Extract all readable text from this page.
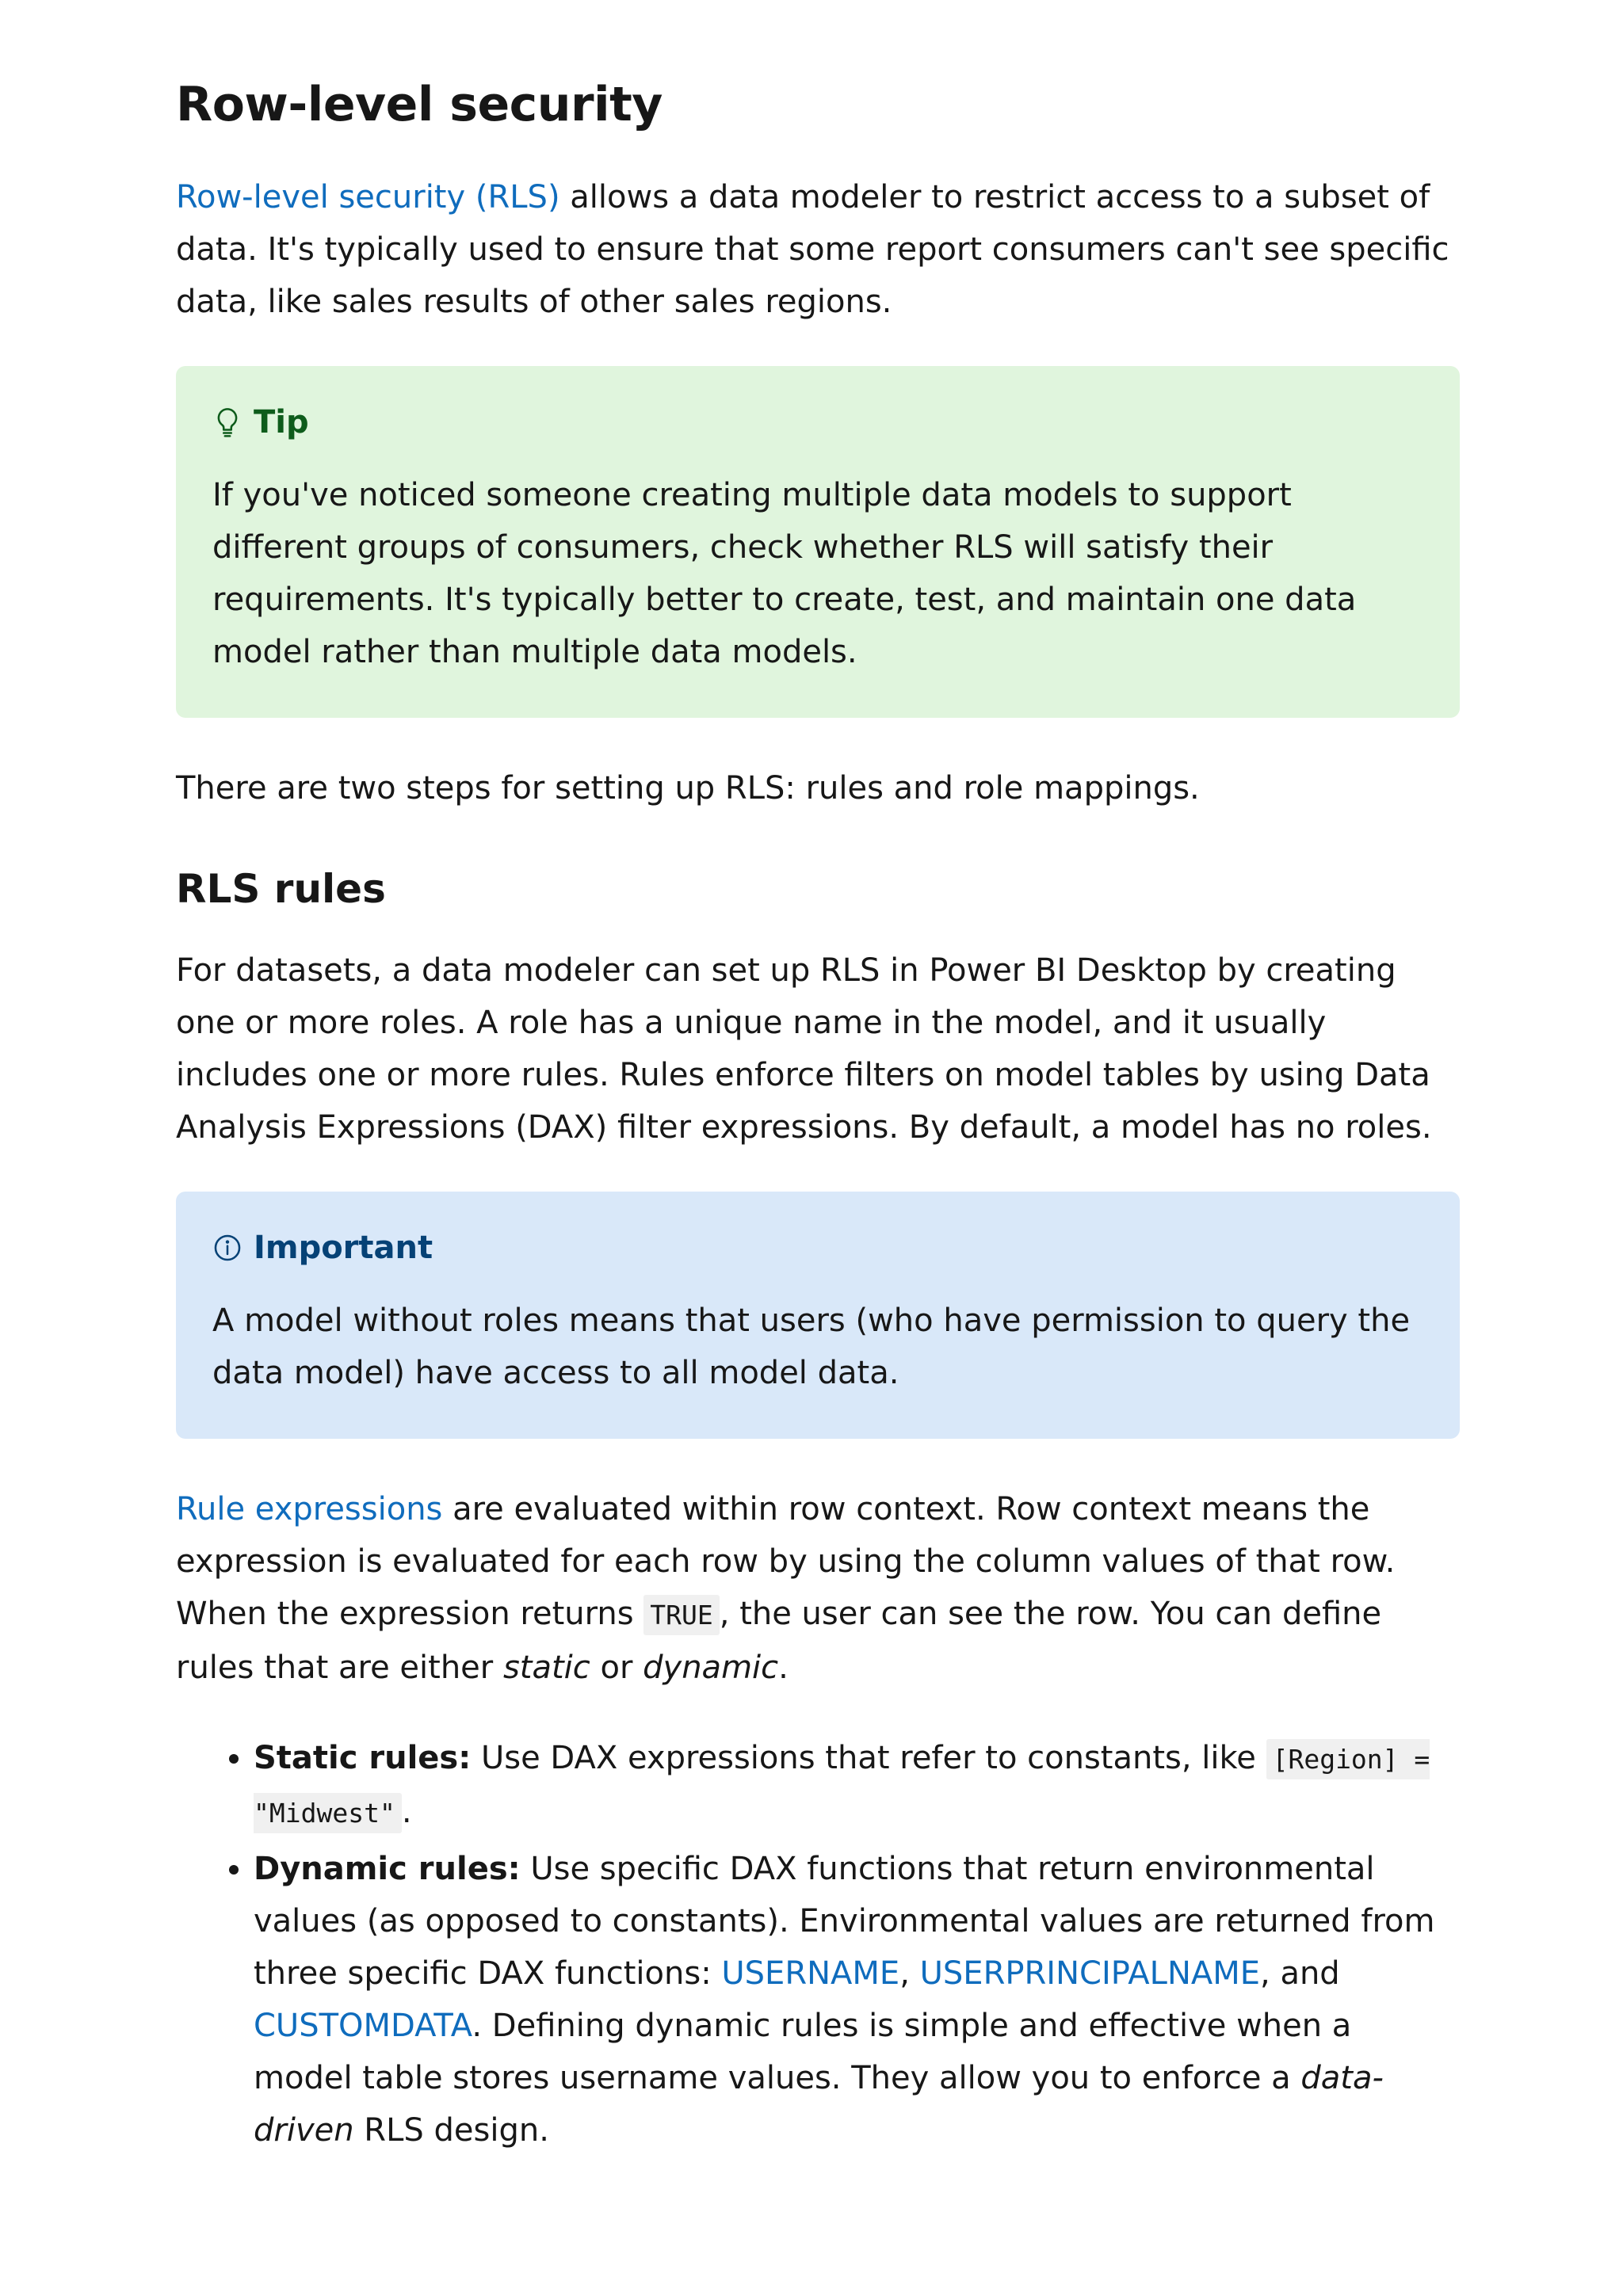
Row-level security

Row-level security (RLS) allows a data modeler to restrict access to a subset of data. It's typically used to ensure that some report consumers can't see specific data, like sales results of other sales regions.

Tip

If you've noticed someone creating multiple data models to support different groups of consumers, check whether RLS will satisfy their requirements. It's typically better to create, test, and maintain one data model rather than multiple data models.

There are two steps for setting up RLS: rules and role mappings.

RLS rules

For datasets, a data modeler can set up RLS in Power BI Desktop by creating one or more roles. A role has a unique name in the model, and it usually includes one or more rules. Rules enforce filters on model tables by using Data Analysis Expressions (DAX) filter expressions. By default, a model has no roles.

Important

A model without roles means that users (who have permission to query the data model) have access to all model data.

Rule expressions are evaluated within row context. Row context means the expression is evaluated for each row by using the column values of that row. When the expression returns TRUE , the user can see the row. You can define rules that are either static or dynamic.

• Static rules: Use DAX expressions that refer to constants, like [Region] = "Midwest" .
• Dynamic rules: Use specific DAX functions that return environmental values (as opposed to constants). Environmental values are returned from three specific DAX functions: USERNAME, USERPRINCIPALNAME, and CUSTOMDATA. Defining dynamic rules is simple and effective when a model table stores username values. They allow you to enforce a data-driven RLS design.
